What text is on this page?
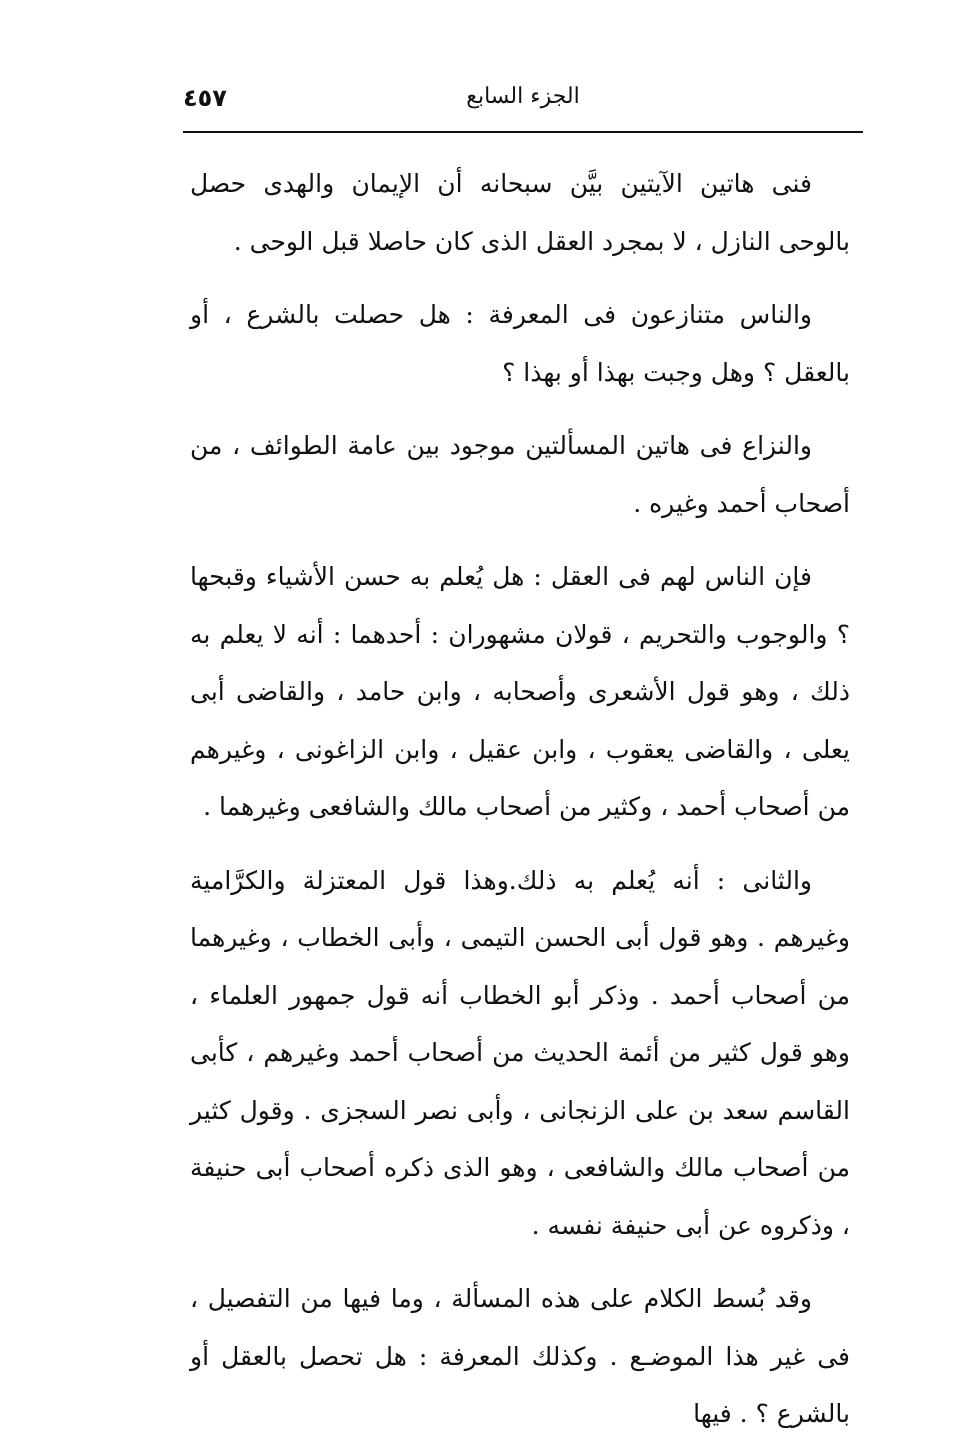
٤٥٧	الجزء السابع

فنى هاتين الآيتين بيَّن سبحانه أن الإيمان والهدى حصل بالوحى النازل ، لا بمجرد العقل الذى كان حاصلا قبل الوحى .

والناس متنازعون فى المعرفة : هل حصلت بالشرع ، أو بالعقل ؟ وهل وجبت بهذا أو بهذا ؟

والنزاع فى هاتين المسألتين موجود بين عامة الطوائف ، من أصحاب أحمد وغيره .

فإن الناس لهم فى العقل : هل يُعلم به حسن الأشياء وقبحها ؟ والوجوب والتحريم ، قولان مشهوران : أحدهما : أنه لا يعلم به ذلك ، وهو قول الأشعرى وأصحابه ، وابن حامد ، والقاضى أبى يعلى ، والقاضى يعقوب ، وابن عقيل ، وابن الزاغونى ، وغيرهم من أصحاب أحمد ، وكثير من أصحاب مالك والشافعى وغيرهما .

والثانى : أنه يُعلم به ذلك.وهذا قول المعتزلة والكرَّامية وغيرهم . وهو قول أبى الحسن التيمى ، وأبى الخطاب ، وغيرهما من أصحاب أحمد . وذكر أبو الخطاب أنه قول جمهور العلماء ، وهو قول كثير من أئمة الحديث من أصحاب أحمد وغيرهم ، كأبى القاسم سعد بن على الزنجانى ، وأبى نصر السجزى . وقول كثير من أصحاب مالك والشافعى ، وهو الذى ذكره أصحاب أبى حنيفة ، وذكروه عن أبى حنيفة نفسه .

وقد بُسط الكلام على هذه المسألة ، وما فيها من التفصيل ، فى غير هذا الموضـع . وكذلك المعرفة : هل تحصل بالعقل أو بالشرع ؟ . فيها
